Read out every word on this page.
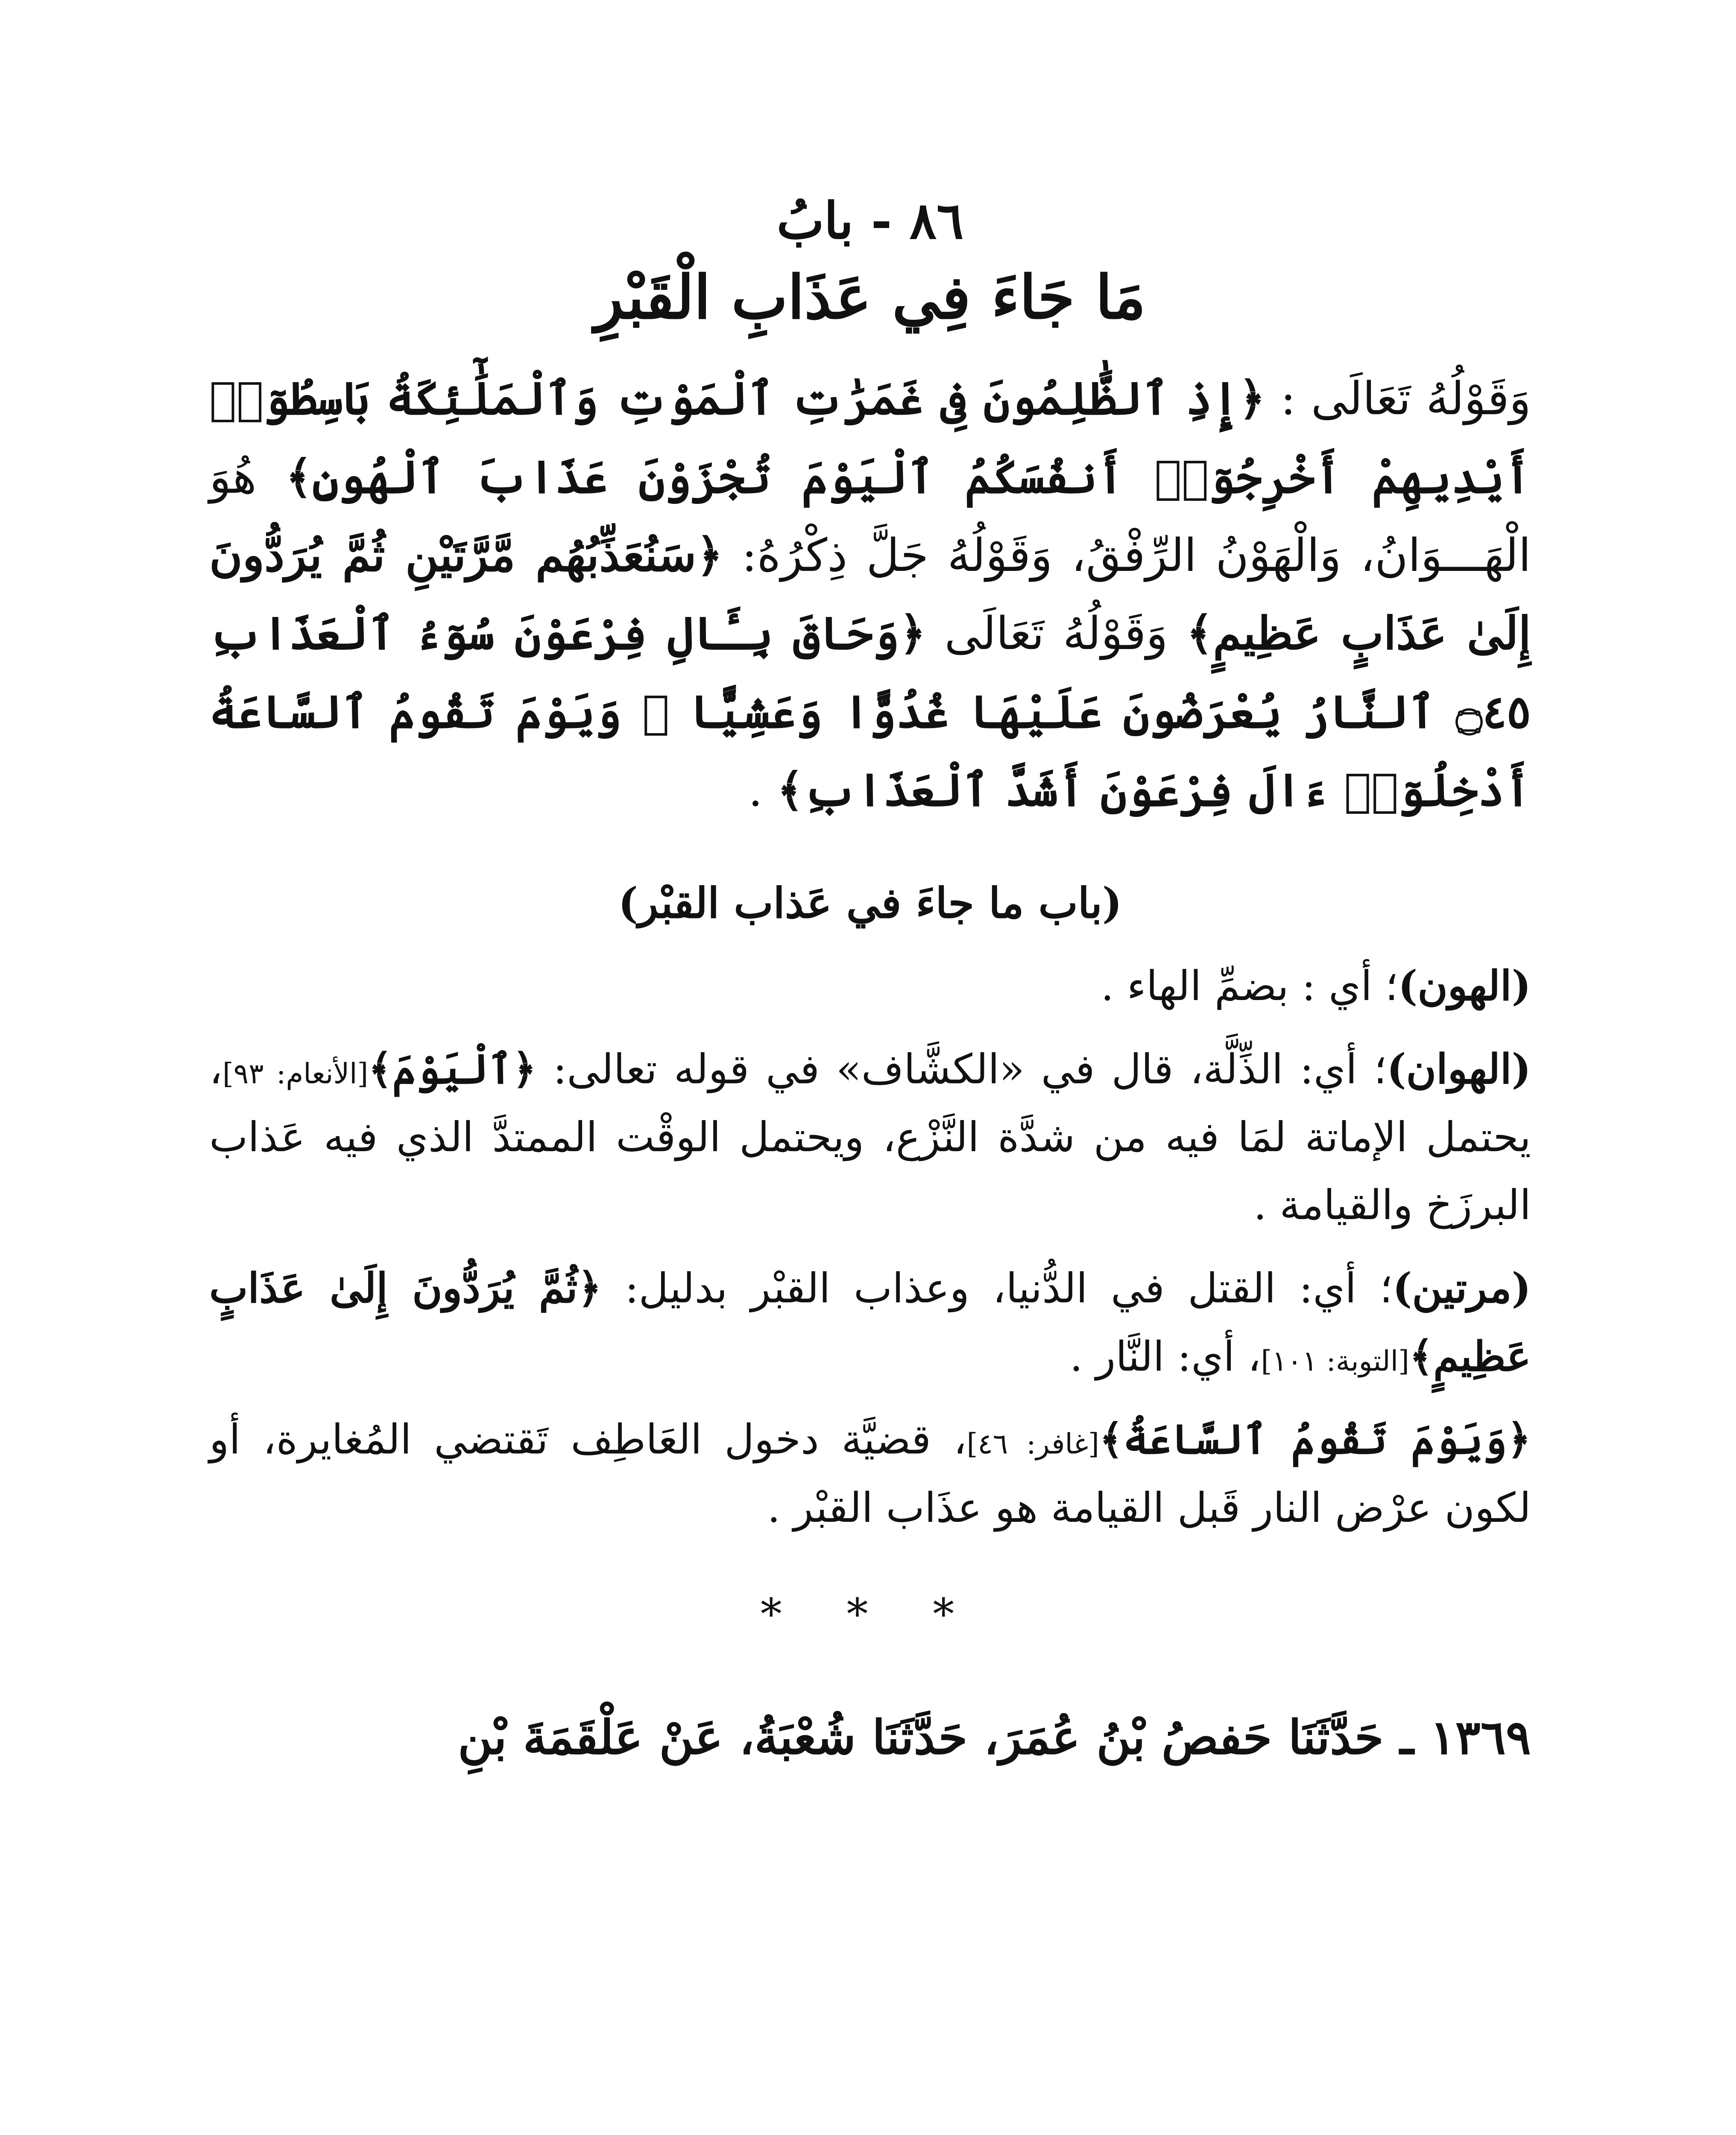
٨٦ - بابُ
مَا جَاءَ فِي عَذَابِ الْقَبْرِ

وَقَوْلُهُ تَعَالَى : ﴿إِذِ ٱلظَّٰلِمُونَ فِى غَمَرَٰتِ ٱلْمَوْتِ وَٱلْمَلَٰٓئِكَةُ بَاسِطُوٓا۟ أَيْدِيهِمْ أَخْرِجُوٓا۟ أَنفُسَكُمُ ٱلْيَوْمَ تُجْزَوْنَ عَذَابَ ٱلْهُونِ﴾ هُوَ الْهَـــوَانُ، وَالْهَوْنُ الرِّفْقُ، وَقَوْلُهُ جَلَّ ذِكْرُهُ: ﴿سَنُعَذِّبُهُم مَّرَّتَيْنِ ثُمَّ يُرَدُّونَ إِلَىٰ عَذَابٍ عَظِيمٍ﴾ وَقَوْلُهُ تَعَالَى ﴿وَحَاقَ بِـَٔالِ فِرْعَوْنَ سُوٓءُ ٱلْعَذَابِ ۝٤٥ ٱلنَّارُ يُعْرَضُونَ عَلَيْهَا غُدُوًّا وَعَشِيًّا ۖ وَيَوْمَ تَقُومُ ٱلسَّاعَةُ أَدْخِلُوٓا۟ ءَالَ فِرْعَوْنَ أَشَدَّ ٱلْعَذَابِ﴾ .

(باب ما جاءَ في عَذاب القبْر)

(الهون)؛ أي : بضمِّ الهاء .

(الهوان)؛ أي: الذِّلَّة، قال في «الكشَّاف» في قوله تعالى: ﴿ٱلْيَوْمَ﴾[الأنعام: ٩٣]، يحتمل الإماتة لمَا فيه من شدَّة النَّزْع، ويحتمل الوقْت الممتدَّ الذي فيه عَذاب البرزَخ والقيامة .

(مرتين)؛ أي: القتل في الدُّنيا، وعذاب القبْر بدليل: ﴿ثُمَّ يُرَدُّونَ إِلَىٰ عَذَابٍ عَظِيمٍ﴾[التوبة: ١٠١]، أي: النَّار .

﴿وَيَوْمَ تَقُومُ ٱلسَّاعَةُ﴾[غافر: ٤٦]، قضيَّة دخول العَاطِف تَقتضي المُغايرة، أو لكون عرْض النار قَبل القيامة هو عذَاب القبْر .

* * *

١٣٦٩ ـ حَدَّثَنَا حَفصُ بْنُ عُمَرَ، حَدَّثَنَا شُعْبَةُ، عَنْ عَلْقَمَةَ بْنِ
